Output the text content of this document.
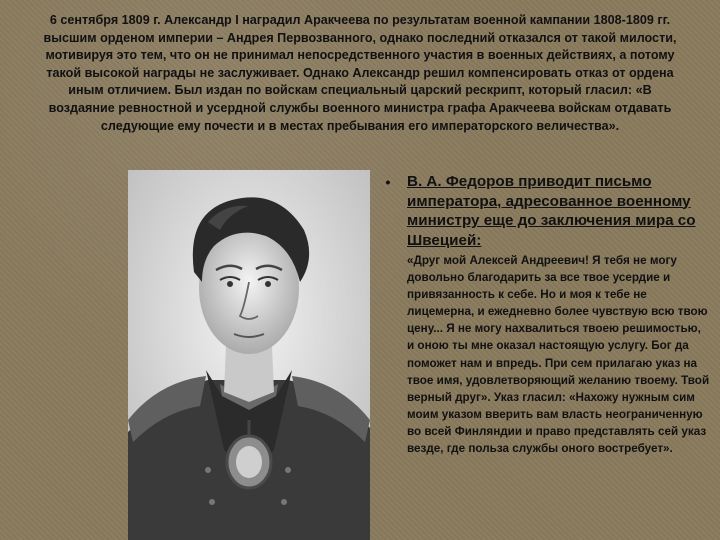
6 сентября 1809 г. Александр I наградил Аракчеева по результатам военной кампании 1808-1809 гг. высшим орденом империи – Андрея Первозванного, однако последний отказался от такой милости, мотивируя это тем, что он не принимал непосредственного участия в военных действиях, а потому такой высокой награды не заслуживает. Однако Александр решил компенсировать отказ от ордена иным отличием. Был издан по войскам специальный царский рескрипт, который гласил: «В воздаяние ревностной и усердной службы военного министра графа Аракчеева войскам отдавать следующие ему почести и в местах пребывания его императорского величества».

•	В. А. Федоров приводит письмо императора, адресованное военному министру еще до заключения мира со Швецией:

«Друг мой Алексей Андреевич! Я тебя не могу довольно благодарить за все твое усердие и привязанность к себе. Но и моя к тебе не лицемерна, и ежедневно более чувствую всю твою цену... Я не могу нахвалиться твоею решимостью, и оною ты мне оказал настоящую услугу. Бог да поможет нам и впредь. При сем прилагаю указ на твое имя, удовлетворяющий желанию твоему. Твой верный друг». Указ гласил: «Нахожу нужным сим моим указом вверить вам власть неограниченную во всей Финляндии и право представлять сей указ везде, где польза службы оного востребует».
